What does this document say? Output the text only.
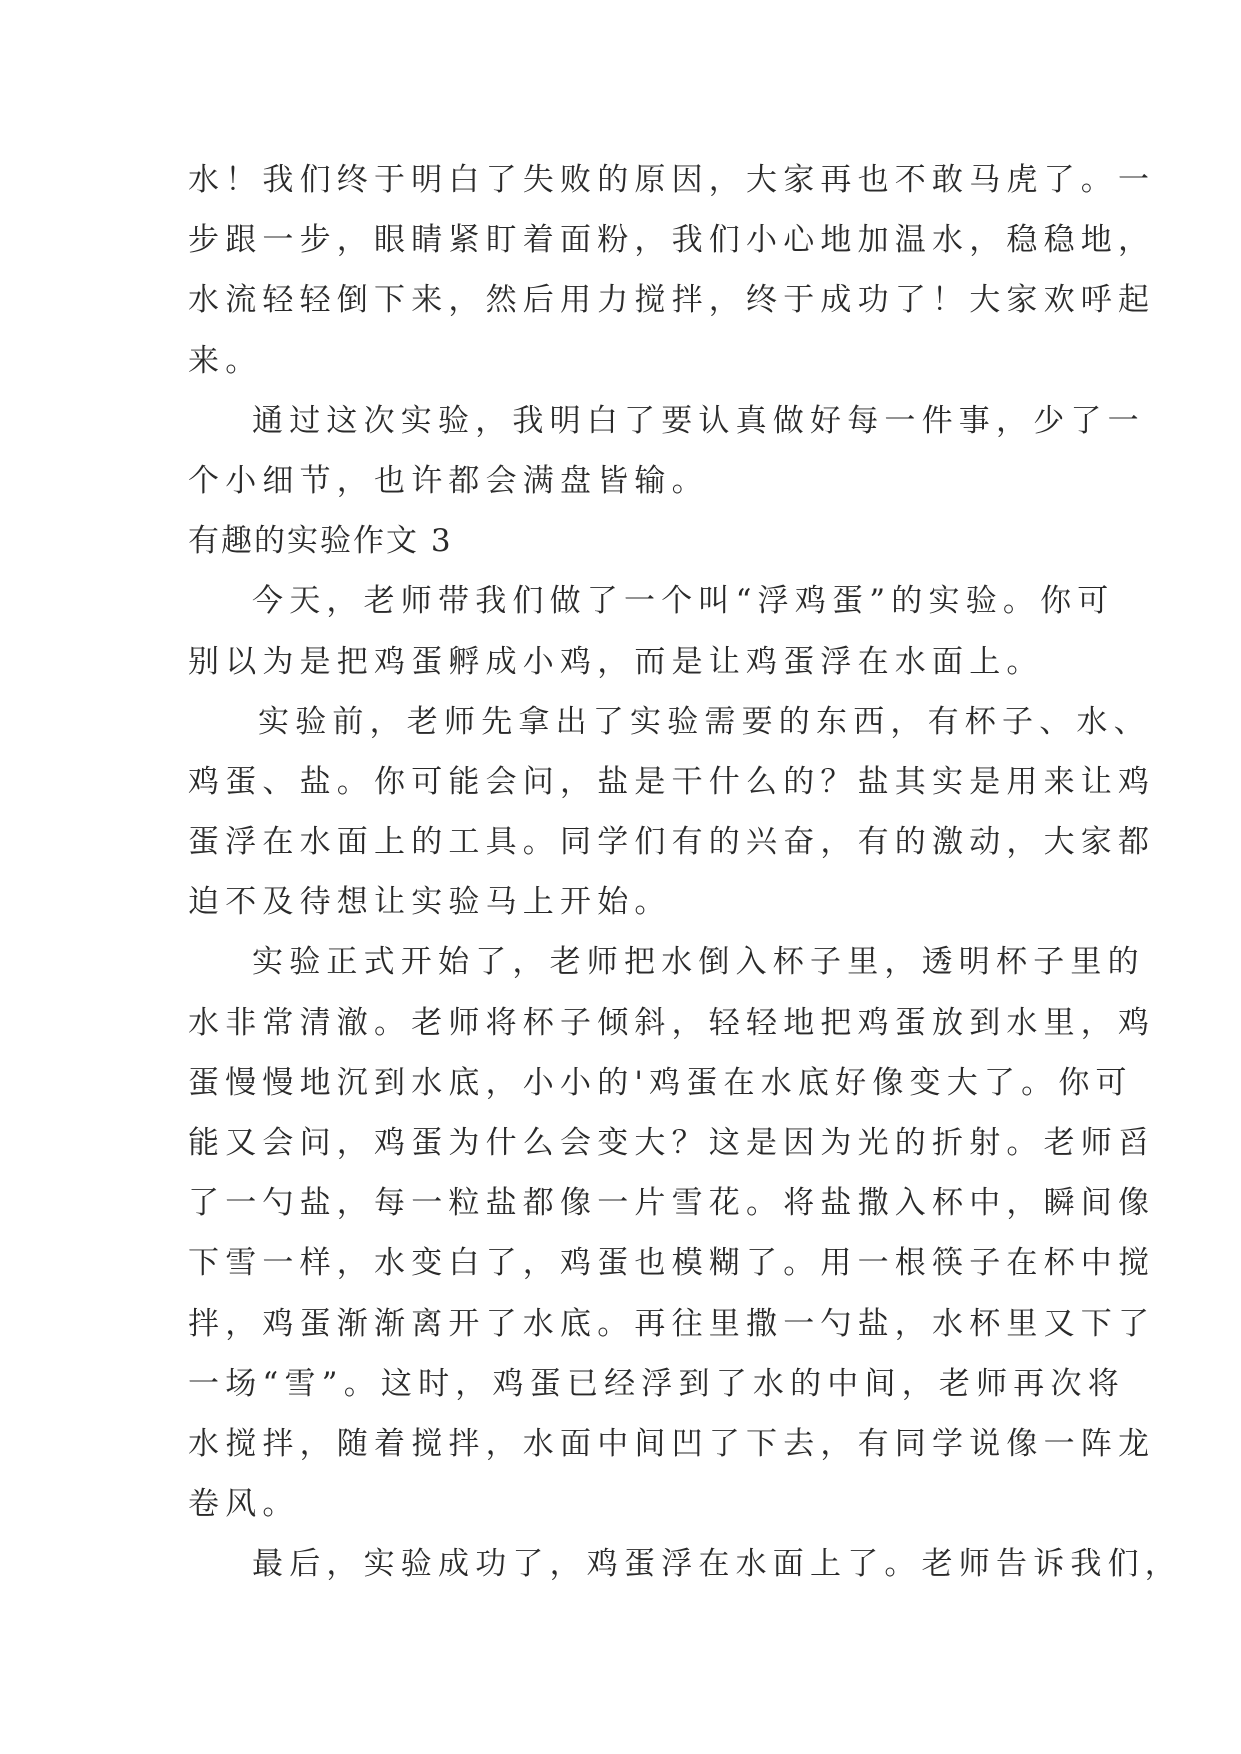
水！我们终于明白了失败的原因，大家再也不敢马虎了。一
步跟一步，眼睛紧盯着面粉，我们小心地加温水，稳稳地，
水流轻轻倒下来，然后用力搅拌，终于成功了！大家欢呼起
来。
通过这次实验，我明白了要认真做好每一件事，少了一
个小细节，也许都会满盘皆输。
有趣的实验作文 3
今天，老师带我们做了一个叫“浮鸡蛋”的实验。你可
别以为是把鸡蛋孵成小鸡，而是让鸡蛋浮在水面上。
实验前，老师先拿出了实验需要的东西，有杯子、水、
鸡蛋、盐。你可能会问，盐是干什么的？盐其实是用来让鸡
蛋浮在水面上的工具。同学们有的兴奋，有的激动，大家都
迫不及待想让实验马上开始。
实验正式开始了，老师把水倒入杯子里，透明杯子里的
水非常清澈。老师将杯子倾斜，轻轻地把鸡蛋放到水里，鸡
蛋慢慢地沉到水底，小小的'鸡蛋在水底好像变大了。你可
能又会问，鸡蛋为什么会变大？这是因为光的折射。老师舀
了一勺盐，每一粒盐都像一片雪花。将盐撒入杯中，瞬间像
下雪一样，水变白了，鸡蛋也模糊了。用一根筷子在杯中搅
拌，鸡蛋渐渐离开了水底。再往里撒一勺盐，水杯里又下了
一场“雪”。这时，鸡蛋已经浮到了水的中间，老师再次将
水搅拌，随着搅拌，水面中间凹了下去，有同学说像一阵龙
卷风。
最后，实验成功了，鸡蛋浮在水面上了。老师告诉我们，
